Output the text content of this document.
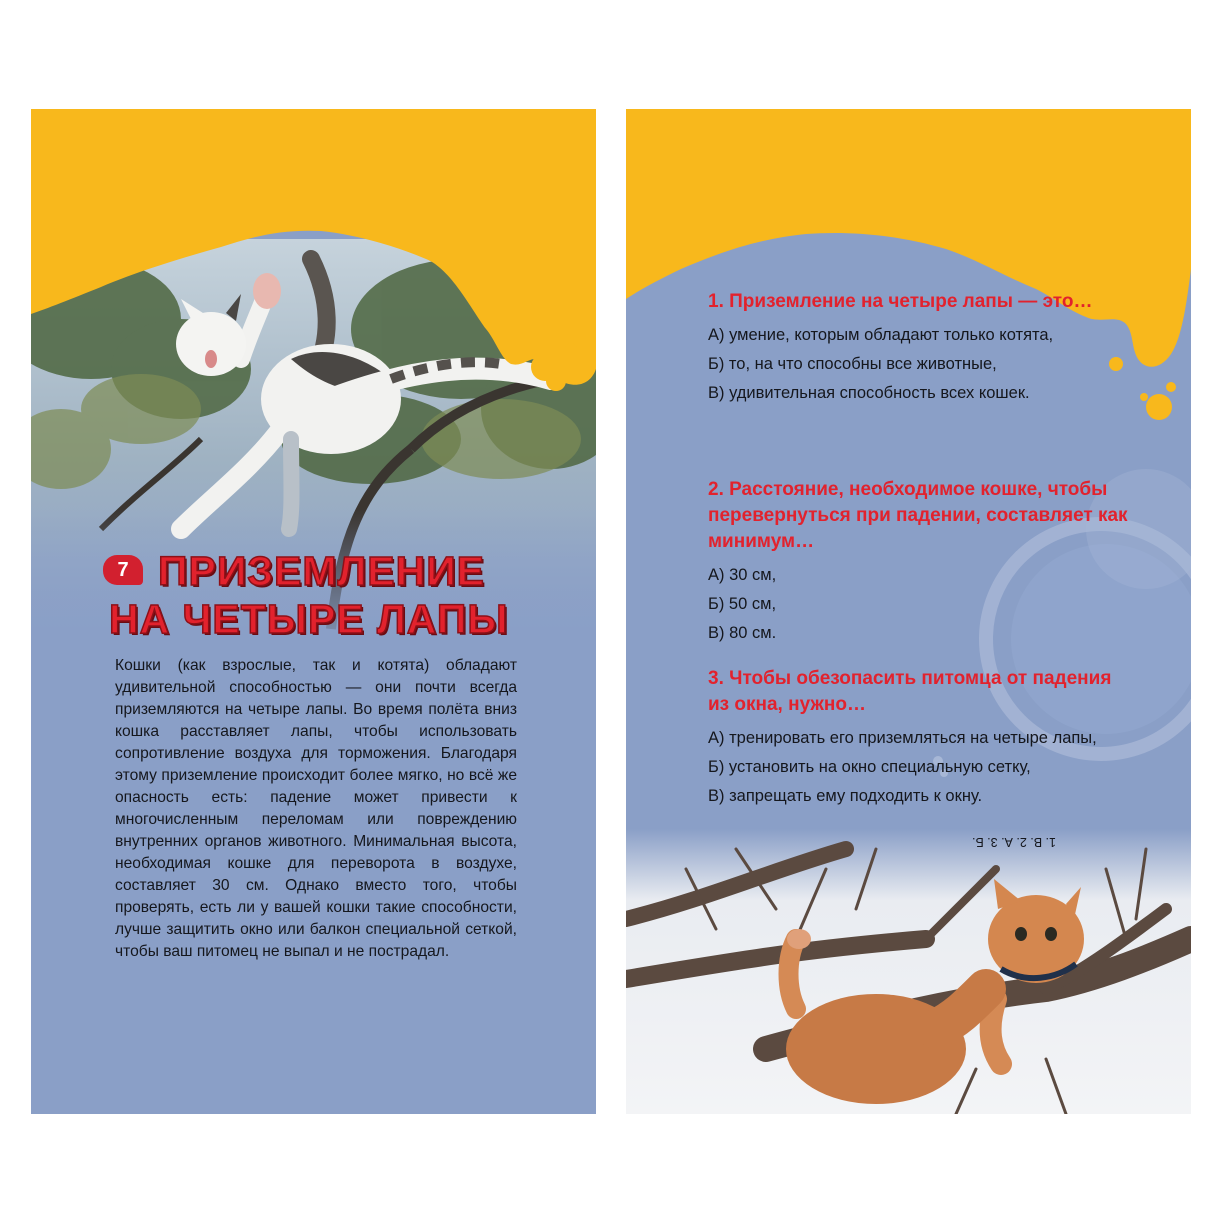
7 ПРИЗЕМЛЕНИЕ
НА ЧЕТЫРЕ ЛАПЫ

Кошки (как взрослые, так и котята) обладают удивительной способностью — они почти всегда приземляются на четыре лапы. Во время полёта вниз кошка расставляет лапы, чтобы использовать сопротивление воздуха для торможения. Благодаря этому приземление происходит более мягко, но всё же опасность есть: падение может привести к многочисленным переломам или повреждению внутренних органов животного. Минимальная высота, необходимая кошке для переворота в воздухе, составляет 30 см. Однако вместо того, чтобы проверять, есть ли у вашей кошки такие способности, лучше защитить окно или балкон специальной сеткой, чтобы ваш питомец не выпал и не пострадал.

1. Приземление на четыре лапы — это…

А) умение, которым обладают только котята,

Б) то, на что способны все животные,

В) удивительная способность всех кошек.

2. Расстояние, необходимое кошке, чтобы перевернуться при падении, составляет как минимум…

А) 30 см,

Б) 50 см,

В) 80 см.

3. Чтобы обезопасить питомца от падения из окна, нужно…

А) тренировать его приземляться на четыре лапы,

Б) установить на окно специальную сетку,

В) запрещать ему подходить к окну.

1. В. 2. А. 3. Б.
